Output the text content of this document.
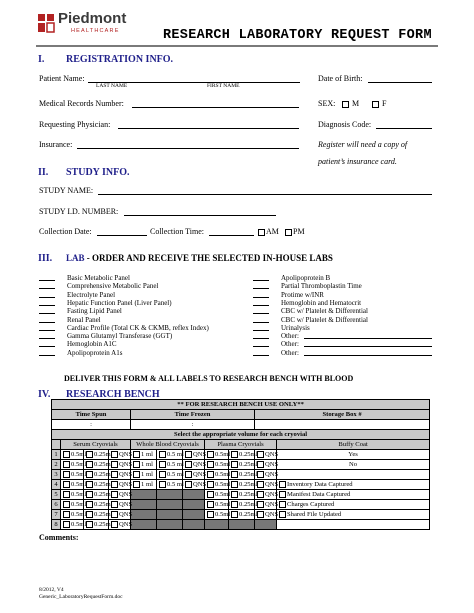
Piedmont
HEALTHCARE	RESEARCH LABORATORY REQUEST FORM
I. REGISTRATION INFO.
Patient Name:
LAST NAME	FIRST NAME
Date of Birth:
Medical Records Number:	SEX:	M	F
Requesting Physician:	Diagnosis Code:
Insurance:	Register will need a copy of
patient’s insurance card.
II. STUDY INFO.
STUDY NAME:
STUDY I.D. NUMBER:
Collection Date:	Collection Time:	AM	PM
III. LAB - ORDER AND RECEIVE THE SELECTED IN-HOUSE LABS
Basic Metabolic Panel
Comprehensive Metabolic Panel
Electrolyte Panel
Hepatic Function Panel (Liver Panel)
Fasting Lipid Panel
Renal Panel
Cardiac Profile (Total CK & CKMB, reflex Index)
Gamma Glutamyl Transferase (GGT)
Hemoglobin A1C
Apolipoprotein A1s
Apolipoprotein B
Partial Thromboplastin Time
Protime w/INR
Hemoglobin and Hematocrit
CBC w/ Platelet & Differential
CBC w/ Platelet & Differential
Urinalysis
Other:
Other:
Other:
DELIVER THIS FORM & ALL LABELS TO RESEARCH BENCH WITH BLOOD
IV. RESEARCH BENCH
** FOR RESEARCH BENCH USE ONLY**										
Time Spun				Time Frozen					Storage Box #	
:				:						
Select the appropriate volume for each cryovial										
	Serum Cryovials			Whole Blood Cryovials			Plasma Cryovials			Buffy Coat
1	0.5ml	0.25ml	QNS	1 ml	0.5 ml	QNS	0.5ml	0.25ml	QNS	Yes
2	0.5ml	0.25ml	QNS	1 ml	0.5 ml	QNS	0.5ml	0.25ml	QNS	No
3	0.5ml	0.25ml	QNS	1 ml	0.5 ml	QNS	0.5ml	0.25ml	QNS	
4	0.5ml	0.25ml	QNS	1 ml	0.5 ml	QNS	0.5ml	0.25ml	QNS	Inventory Data Captured
5	0.5ml	0.25ml	QNS				0.5ml	0.25ml	QNS	Manifest Data Captured
6	0.5ml	0.25ml	QNS				0.5ml	0.25ml	QNS	Charges Captured
7	0.5ml	0.25ml	QNS				0.5ml	0.25ml	QNS	Shared File Updated
8	0.5ml	0.25ml	QNS							
Comments:
8/2012, V4
Generic_LaboratoryRequestForm.doc
